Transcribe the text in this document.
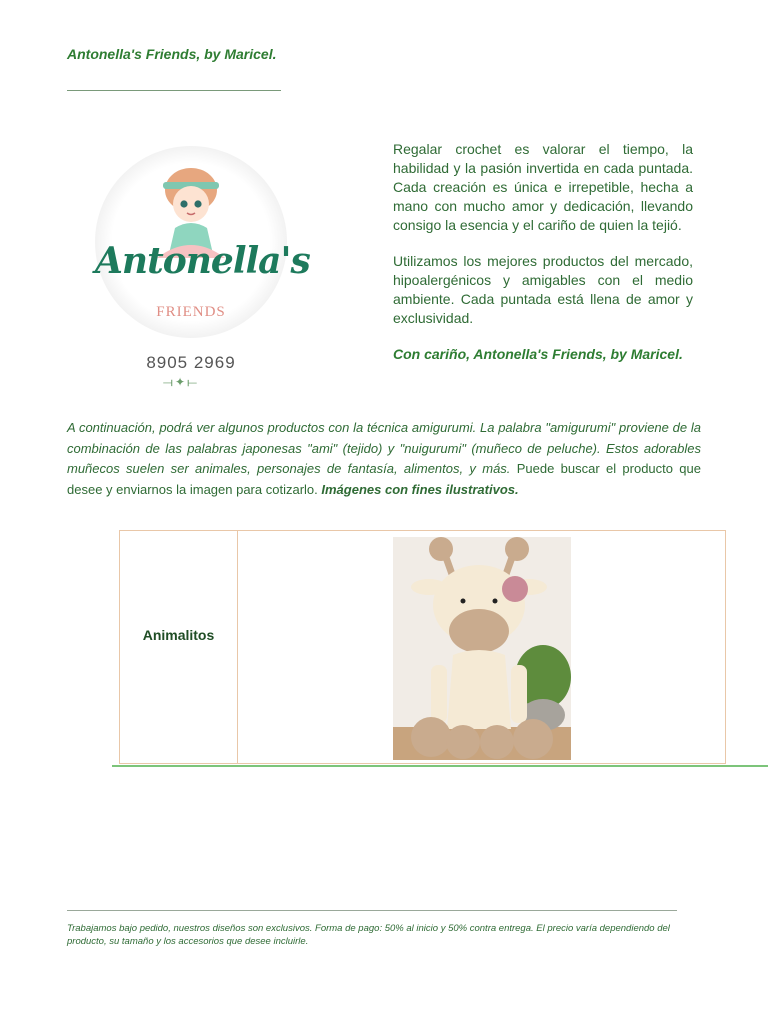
Antonella's Friends, by Maricel.
Antonella's
FRIENDS
8905 2969
⟞✦⟝

Regalar crochet es valorar el tiempo, la habilidad y la pasión invertida en cada puntada. Cada creación es única e irrepetible, hecha a mano con mucho amor y dedicación, llevando consigo la esencia y el cariño de quien la tejió.

Utilizamos los mejores productos del mercado, hipoalergénicos y amigables con el medio ambiente. Cada puntada está llena de amor y exclusividad.

Con cariño, Antonella's Friends, by Maricel.

A continuación, podrá ver algunos productos con la técnica amigurumi. La palabra "amigurumi" proviene de la combinación de las palabras japonesas "ami" (tejido) y "nuigurumi" (muñeco de peluche). Estos adorables muñecos suelen ser animales, personajes de fantasía, alimentos, y más. Puede buscar el producto que desee y enviarnos la imagen para cotizarlo. Imágenes con fines ilustrativos.
Animalitos
Trabajamos bajo pedido, nuestros diseños son exclusivos. Forma de pago: 50% al inicio y 50% contra entrega. El precio varía dependiendo del producto, su tamaño y los accesorios que desee incluirle.
